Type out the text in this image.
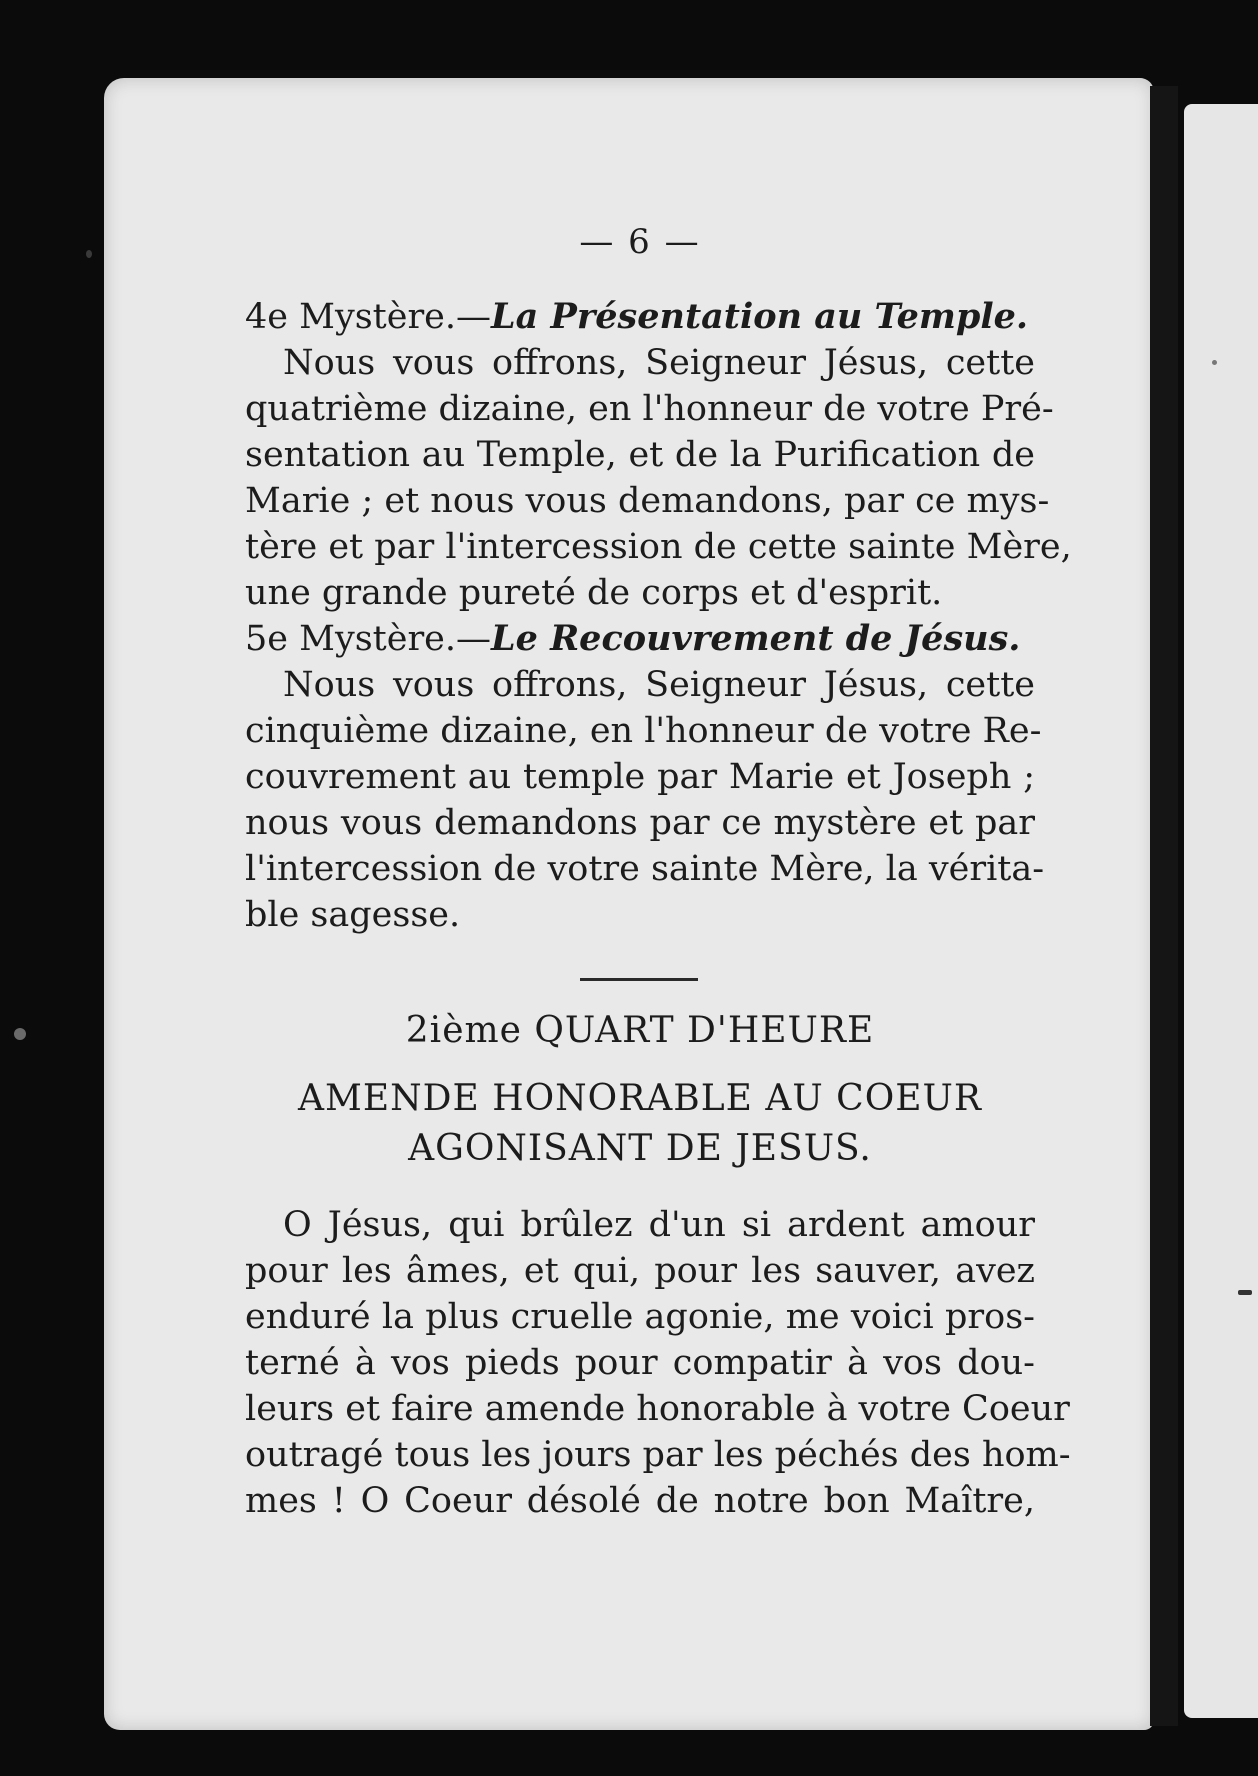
— 6 —

4e Mystère.—La Présentation au Temple.

Nous vous offrons, Seigneur Jésus, cette
quatrième dizaine, en l'honneur de votre Pré-
sentation au Temple, et de la Purification de
Marie ; et nous vous demandons, par ce mys-
tère et par l'intercession de cette sainte Mère,
une grande pureté de corps et d'esprit.

5e Mystère.—Le Recouvrement de Jésus.

Nous vous offrons, Seigneur Jésus, cette
cinquième dizaine, en l'honneur de votre Re-
couvrement au temple par Marie et Joseph ;
nous vous demandons par ce mystère et par
l'intercession de votre sainte Mère, la vérita-
ble sagesse.

2ième QUART D'HEURE
AMENDE HONORABLE AU COEUR
AGONISANT DE JESUS.

O Jésus, qui brûlez d'un si ardent amour
pour les âmes, et qui, pour les sauver, avez
enduré la plus cruelle agonie, me voici pros-
terné à vos pieds pour compatir à vos dou-
leurs et faire amende honorable à votre Coeur
outragé tous les jours par les péchés des hom-
mes ! O Coeur désolé de notre bon Maître,
